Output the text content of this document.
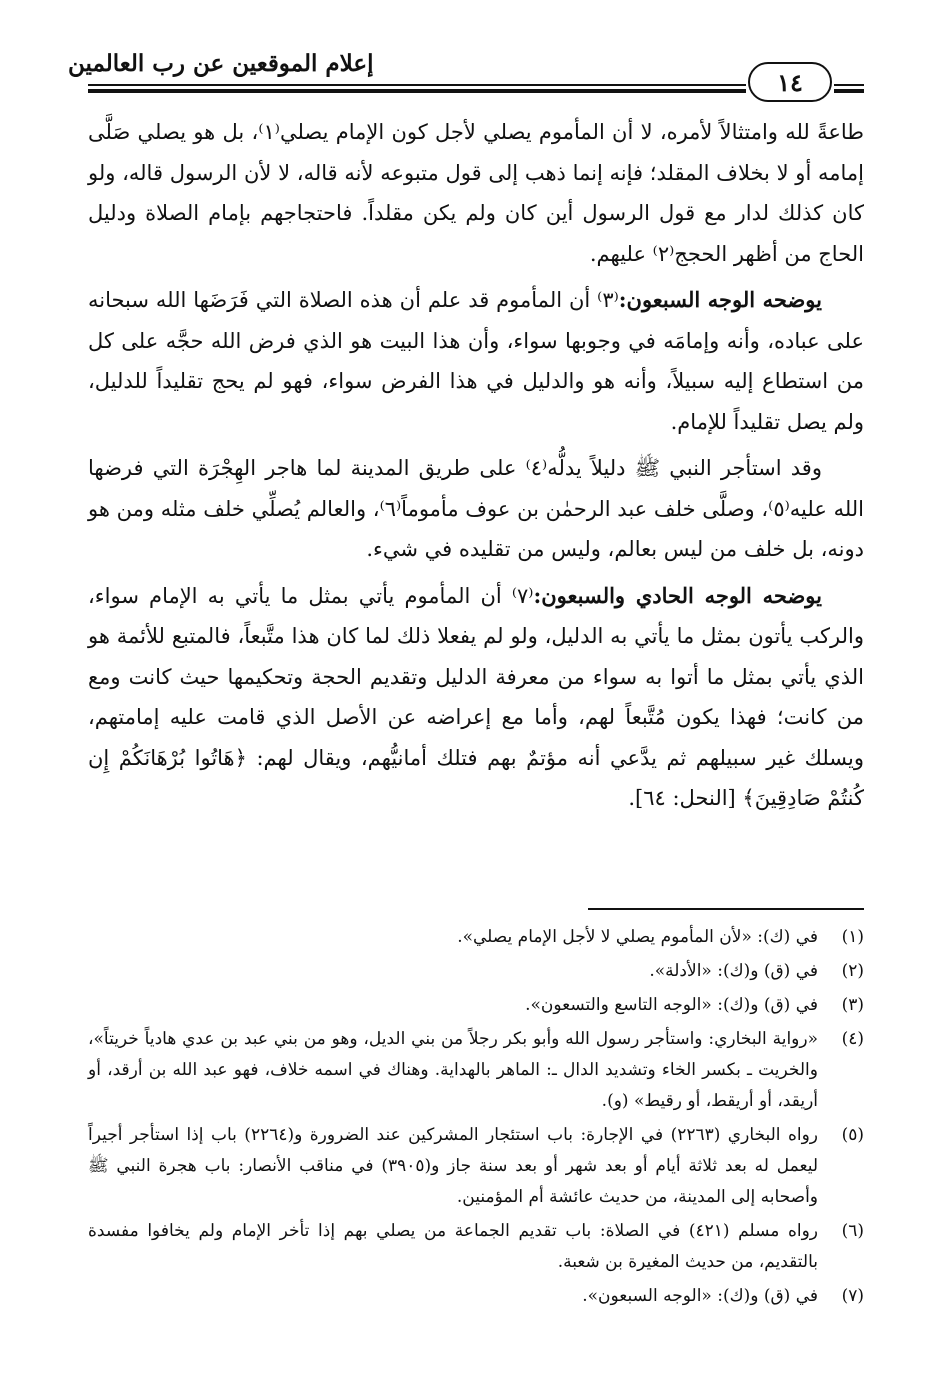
إعلام الموقعين عن رب العالمين
١٤

طاعةً لله وامتثالاً لأمره، لا أن المأموم يصلي لأجل كون الإمام يصلي⁽١⁾، بل هو يصلي صَلَّى إمامه أو لا بخلاف المقلد؛ فإنه إنما ذهب إلى قول متبوعه لأنه قاله، لا لأن الرسول قاله، ولو كان كذلك لدار مع قول الرسول أين كان ولم يكن مقلداً. فاحتجاجهم بإمام الصلاة ودليل الحاج من أظهر الحجج⁽٢⁾ عليهم.

يوضحه الوجه السبعون:⁽٣⁾ أن المأموم قد علم أن هذه الصلاة التي فَرَضَها الله سبحانه على عباده، وأنه وإمامَه في وجوبها سواء، وأن هذا البيت هو الذي فرض الله حجَّه على كل من استطاع إليه سبيلاً، وأنه هو والدليل في هذا الفرض سواء، فهو لم يحج تقليداً للدليل، ولم يصل تقليداً للإمام.

وقد استأجر النبي ﷺ دليلاً يدلُّه⁽٤⁾ على طريق المدينة لما هاجر الهِجْرَة التي فرضها الله عليه⁽٥⁾، وصلَّى خلف عبد الرحمٰن بن عوف مأموماً⁽٦⁾، والعالم يُصلِّي خلف مثله ومن هو دونه، بل خلف من ليس بعالم، وليس من تقليده في شيء.

يوضحه الوجه الحادي والسبعون:⁽٧⁾ أن المأموم يأتي بمثل ما يأتي به الإمام سواء، والركب يأتون بمثل ما يأتي به الدليل، ولو لم يفعلا ذلك لما كان هذا متَّبعاً، فالمتبع للأئمة هو الذي يأتي بمثل ما أتوا به سواء من معرفة الدليل وتقديم الحجة وتحكيمها حيث كانت ومع من كانت؛ فهذا يكون مُتَّبعاً لهم، وأما مع إعراضه عن الأصل الذي قامت عليه إمامتهم، ويسلك غير سبيلهم ثم يدَّعي أنه مؤتمٌ بهم فتلك أمانيُّهم، ويقال لهم: ﴿هَاتُوا بُرْهَانَكُمْ إِن كُنتُمْ صَادِقِينَ﴾ [النحل: ٦٤].

(١)
في (ك): «لأن المأموم يصلي لا لأجل الإمام يصلي».
(٢)
في (ق) و(ك): «الأدلة».
(٣)
في (ق) و(ك): «الوجه التاسع والتسعون».
(٤)
«رواية البخاري: واستأجر رسول الله وأبو بكر رجلاً من بني الديل، وهو من بني عبد بن عدي هادياً خريتاً»، والخريت ـ بكسر الخاء وتشديد الدال ـ: الماهر بالهداية. وهناك في اسمه خلاف، فهو عبد الله بن أرقد، أو أريقد، أو أريقط، أو رقيط» (و).
(٥)
رواه البخاري (٢٢٦٣) في الإجارة: باب استئجار المشركين عند الضرورة و(٢٢٦٤) باب إذا استأجر أجيراً ليعمل له بعد ثلاثة أيام أو بعد شهر أو بعد سنة جاز و(٣٩٠٥) في مناقب الأنصار: باب هجرة النبي ﷺ وأصحابه إلى المدينة، من حديث عائشة أم المؤمنين.
(٦)
رواه مسلم (٤٢١) في الصلاة: باب تقديم الجماعة من يصلي بهم إذا تأخر الإمام ولم يخافوا مفسدة بالتقديم، من حديث المغيرة بن شعبة.
(٧)
في (ق) و(ك): «الوجه السبعون».
